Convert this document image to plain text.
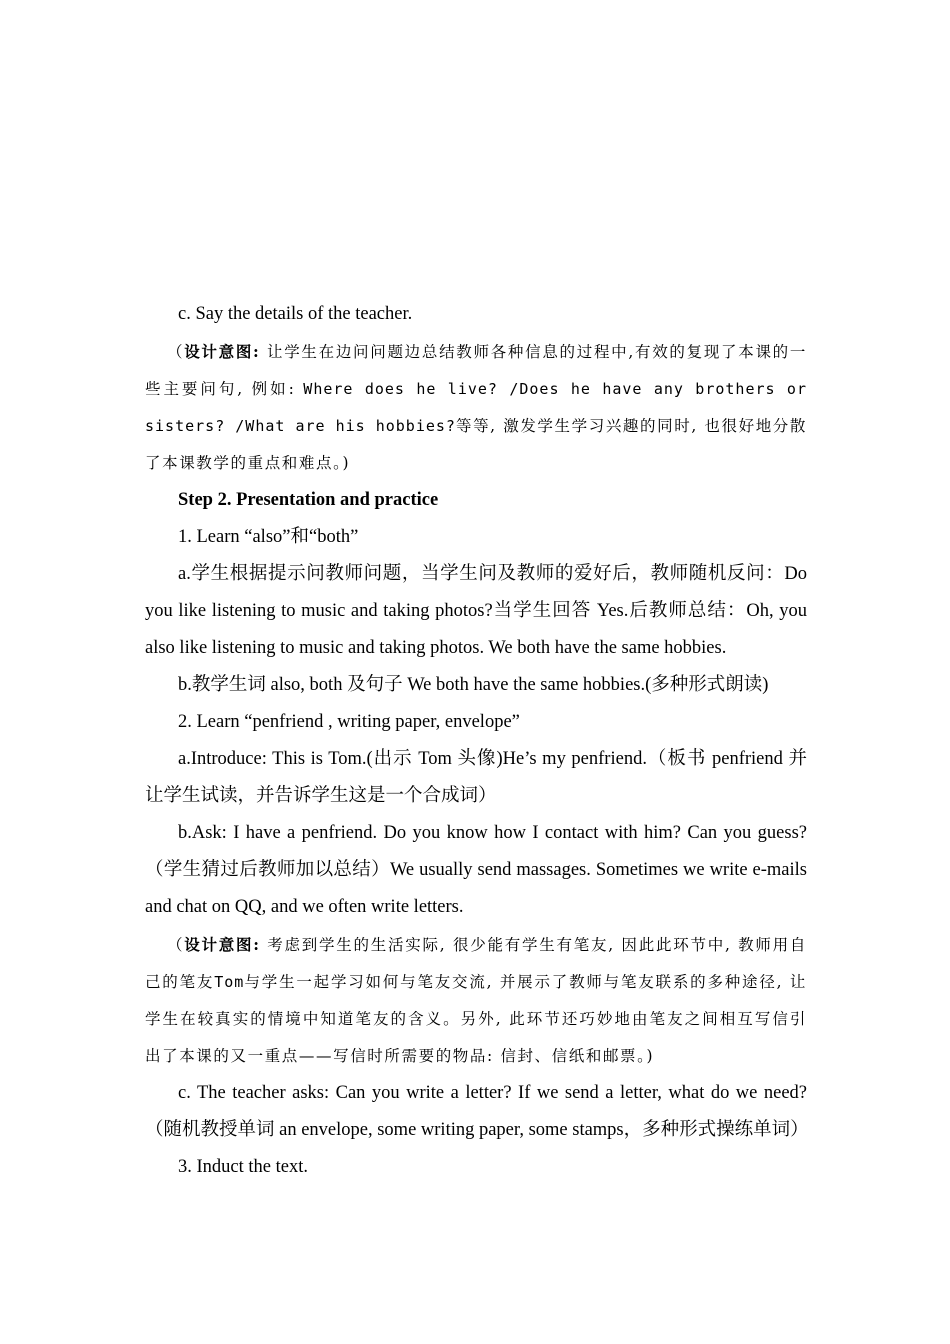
c. Say the details of the teacher.

（设计意图: 让学生在边问问题边总结教师各种信息的过程中,有效的复现了本课的一些主要问句, 例如: Where does he live? /Does he have any brothers or sisters? /What are his hobbies?等等, 激发学生学习兴趣的同时, 也很好地分散了本课教学的重点和难点。)

Step 2. Presentation and practice

1. Learn “also”和“both”

a.学生根据提示问教师问题，当学生问及教师的爱好后，教师随机反问：Do you like listening to music and taking photos?当学生回答 Yes.后教师总结：Oh, you also like listening to music and taking photos. We both have the same hobbies.

b.教学生词 also, both 及句子 We both have the same hobbies.(多种形式朗读)

2. Learn “penfriend , writing paper, envelope”

a.Introduce: This is Tom.(出示 Tom 头像)He’s my penfriend.（板书 penfriend 并让学生试读，并告诉学生这是一个合成词）

b.Ask: I have a penfriend. Do you know how I contact with him? Can you guess?（学生猜过后教师加以总结）We usually send massages. Sometimes we write e-mails and chat on QQ, and we often write letters.

（设计意图: 考虑到学生的生活实际, 很少能有学生有笔友, 因此此环节中, 教师用自己的笔友Tom与学生一起学习如何与笔友交流, 并展示了教师与笔友联系的多种途径, 让学生在较真实的情境中知道笔友的含义。另外, 此环节还巧妙地由笔友之间相互写信引出了本课的又一重点——写信时所需要的物品: 信封、信纸和邮票。)

c. The teacher asks: Can you write a letter? If we send a letter, what do we need?（随机教授单词 an envelope, some writing paper, some stamps，多种形式操练单词）

3. Induct the text.
